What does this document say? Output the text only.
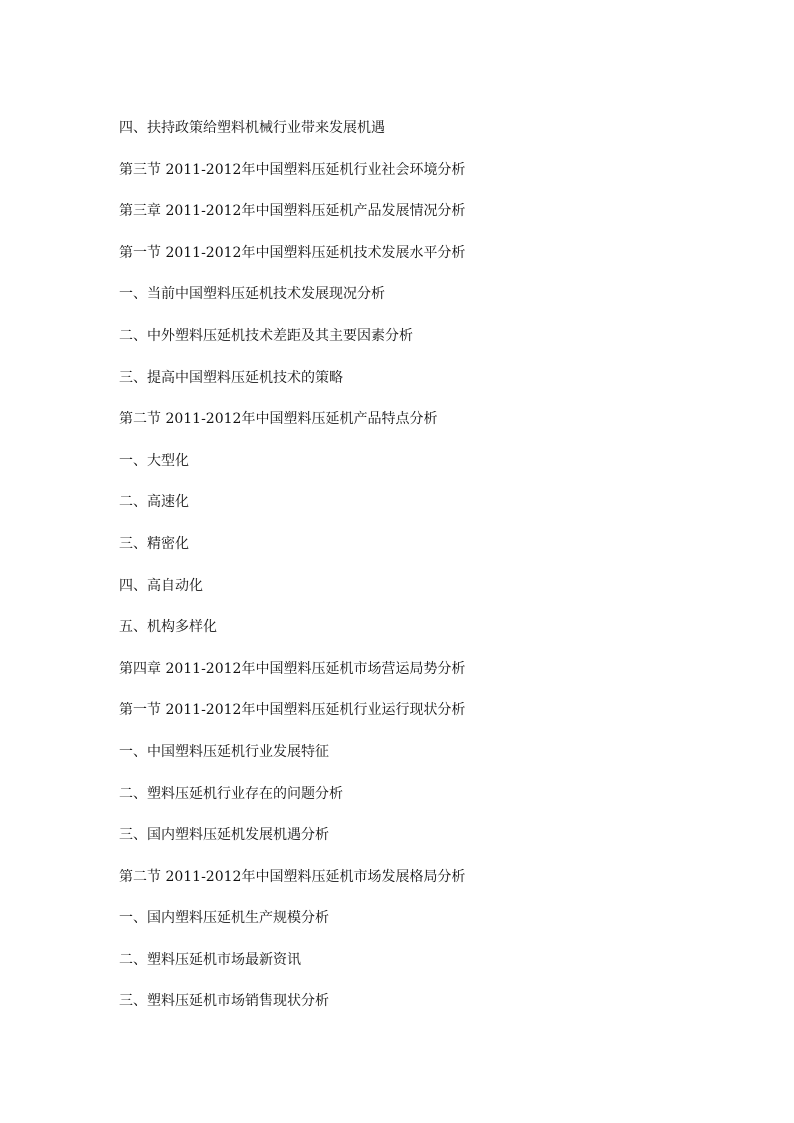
四、扶持政策给塑料机械行业带来发展机遇
第三节 2011-2012年中国塑料压延机行业社会环境分析
第三章 2011-2012年中国塑料压延机产品发展情况分析
第一节 2011-2012年中国塑料压延机技术发展水平分析
一、当前中国塑料压延机技术发展现况分析
二、中外塑料压延机技术差距及其主要因素分析
三、提高中国塑料压延机技术的策略
第二节 2011-2012年中国塑料压延机产品特点分析
一、大型化
二、高速化
三、精密化
四、高自动化
五、机构多样化
第四章 2011-2012年中国塑料压延机市场营运局势分析
第一节 2011-2012年中国塑料压延机行业运行现状分析
一、中国塑料压延机行业发展特征
二、塑料压延机行业存在的问题分析
三、国内塑料压延机发展机遇分析
第二节 2011-2012年中国塑料压延机市场发展格局分析
一、国内塑料压延机生产规模分析
二、塑料压延机市场最新资讯
三、塑料压延机市场销售现状分析
